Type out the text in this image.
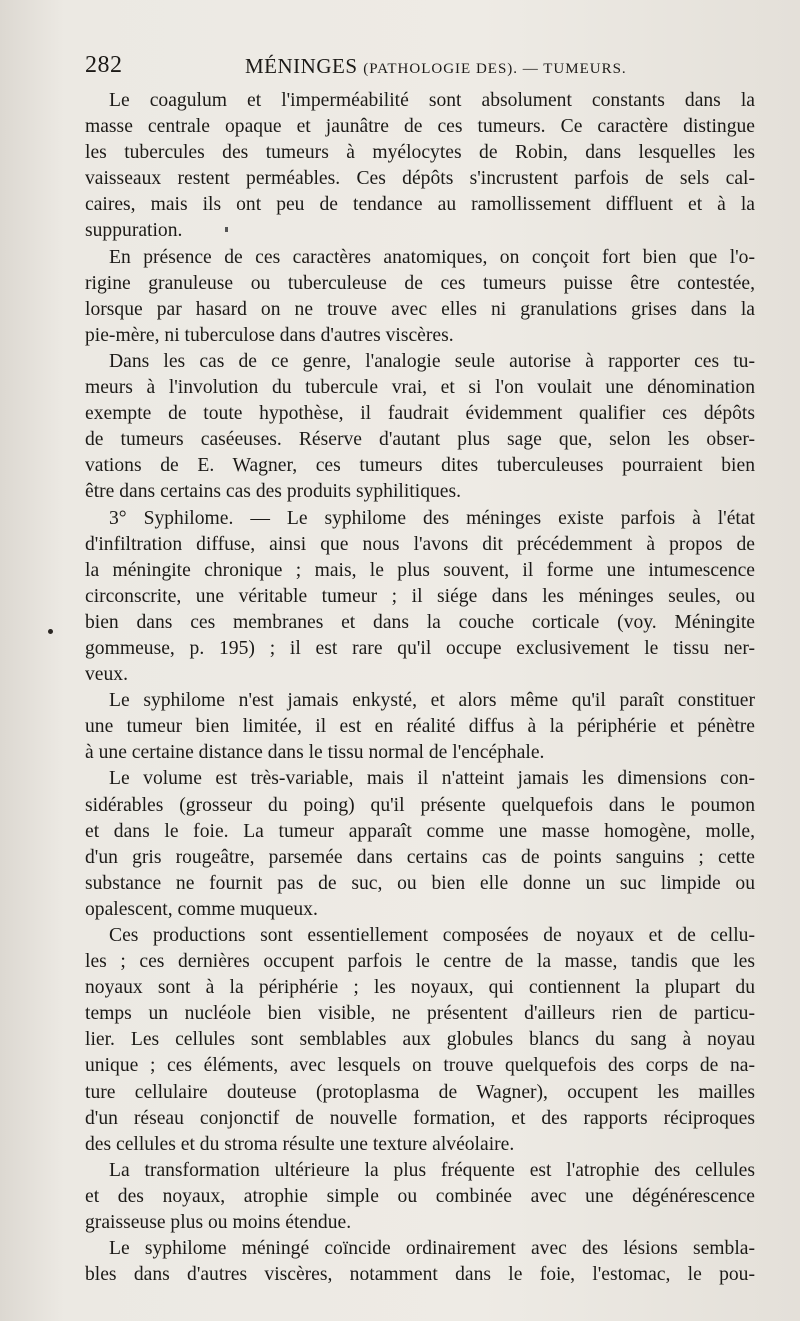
282	MÉNINGES (PATHOLOGIE DES). — TUMEURS.
Le coagulum et l'imperméabilité sont absolument constants dans la
masse centrale opaque et jaunâtre de ces tumeurs. Ce caractère distingue
les tubercules des tumeurs à myélocytes de Robin, dans lesquelles les
vaisseaux restent perméables. Ces dépôts s'incrustent parfois de sels cal-
caires, mais ils ont peu de tendance au ramollissement diffluent et à la
suppuration.
En présence de ces caractères anatomiques, on conçoit fort bien que l'o-
rigine granuleuse ou tuberculeuse de ces tumeurs puisse être contestée,
lorsque par hasard on ne trouve avec elles ni granulations grises dans la
pie-mère, ni tuberculose dans d'autres viscères.
Dans les cas de ce genre, l'analogie seule autorise à rapporter ces tu-
meurs à l'involution du tubercule vrai, et si l'on voulait une dénomination
exempte de toute hypothèse, il faudrait évidemment qualifier ces dépôts
de tumeurs caséeuses. Réserve d'autant plus sage que, selon les obser-
vations de E. Wagner, ces tumeurs dites tuberculeuses pourraient bien
être dans certains cas des produits syphilitiques.
3° Syphilome. — Le syphilome des méninges existe parfois à l'état
d'infiltration diffuse, ainsi que nous l'avons dit précédemment à propos de
la méningite chronique ; mais, le plus souvent, il forme une intumescence
circonscrite, une véritable tumeur ; il siége dans les méninges seules, ou
bien dans ces membranes et dans la couche corticale (voy. Méningite
gommeuse, p. 195) ; il est rare qu'il occupe exclusivement le tissu ner-
veux.
Le syphilome n'est jamais enkysté, et alors même qu'il paraît constituer
une tumeur bien limitée, il est en réalité diffus à la périphérie et pénètre
à une certaine distance dans le tissu normal de l'encéphale.
Le volume est très-variable, mais il n'atteint jamais les dimensions con-
sidérables (grosseur du poing) qu'il présente quelquefois dans le poumon
et dans le foie. La tumeur apparaît comme une masse homogène, molle,
d'un gris rougeâtre, parsemée dans certains cas de points sanguins ; cette
substance ne fournit pas de suc, ou bien elle donne un suc limpide ou
opalescent, comme muqueux.
Ces productions sont essentiellement composées de noyaux et de cellu-
les ; ces dernières occupent parfois le centre de la masse, tandis que les
noyaux sont à la périphérie ; les noyaux, qui contiennent la plupart du
temps un nucléole bien visible, ne présentent d'ailleurs rien de particu-
lier. Les cellules sont semblables aux globules blancs du sang à noyau
unique ; ces éléments, avec lesquels on trouve quelquefois des corps de na-
ture cellulaire douteuse (protoplasma de Wagner), occupent les mailles
d'un réseau conjonctif de nouvelle formation, et des rapports réciproques
des cellules et du stroma résulte une texture alvéolaire.
La transformation ultérieure la plus fréquente est l'atrophie des cellules
et des noyaux, atrophie simple ou combinée avec une dégénérescence
graisseuse plus ou moins étendue.
Le syphilome méningé coïncide ordinairement avec des lésions sembla-
bles dans d'autres viscères, notamment dans le foie, l'estomac, le pou-
